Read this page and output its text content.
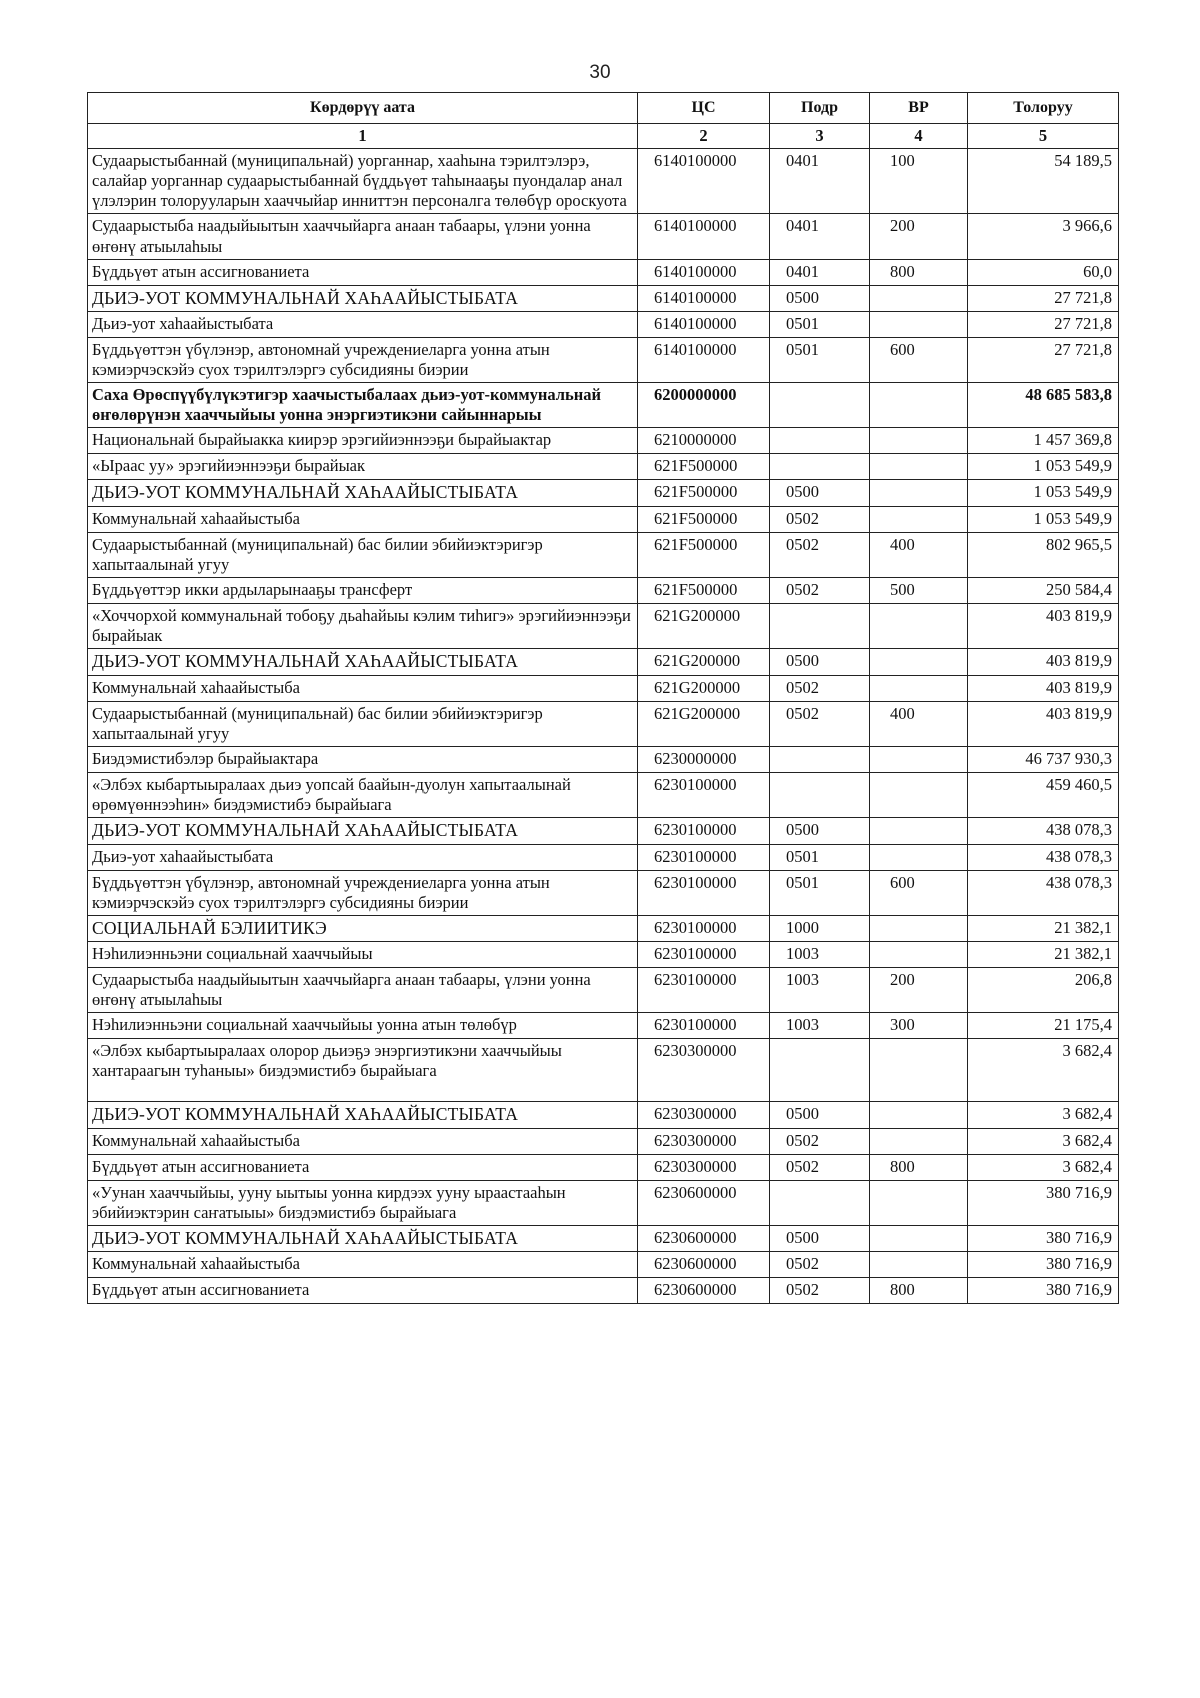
30
Көрдөрүү аата	ЦС	Подр	ВР	Толоруу
1	2	3	4	5
Судаарыстыбаннай (муниципальнай) уорганнар, хааһына тэрилтэлэрэ, салайар уорганнар судаарыстыбаннай бүддьүөт таһынааҕы пуондалар анал үлэлэрин толорууларын хааччыйар инниттэн персоналга төлөбүр ороскуота	6140100000	0401	100	54 189,5
Судаарыстыба наадыйыытын хааччыйарга анаан табаары, үлэни уонна өҥөнү атыылаһыы	6140100000	0401	200	3 966,6
Бүддьүөт атын ассигнованиета	6140100000	0401	800	60,0
ДЬИЭ-УОТ КОММУНАЛЬНАЙ ХАҺААЙЫСТЫБАТА	6140100000	0500		27 721,8
Дьиэ-уот хаһаайыстыбата	6140100000	0501		27 721,8
Бүддьүөттэн үбүлэнэр, автономнай учреждениеларга уонна атын кэмиэрчэскэйэ суох тэрилтэлэргэ субсидияны биэрии	6140100000	0501	600	27 721,8
Саха Өрөспүүбүлүкэтигэр хаачыстыбалаах дьиэ-уот-коммунальнай өҥөлөрүнэн хааччыйыы уонна энэргиэтикэни сайыннарыы	6200000000			48 685 583,8
Национальнай бырайыакка киирэр эрэгийиэннээҕи бырайыактар	6210000000			1 457 369,8
«Ыраас уу» эрэгийиэннээҕи бырайыак	621F500000			1 053 549,9
ДЬИЭ-УОТ КОММУНАЛЬНАЙ ХАҺААЙЫСТЫБАТА	621F500000	0500		1 053 549,9
Коммунальнай хаһаайыстыба	621F500000	0502		1 053 549,9
Судаарыстыбаннай (муниципальнай) бас билии эбийиэктэригэр хапытаалынай угуу	621F500000	0502	400	802 965,5
Бүддьүөттэр икки ардыларынааҕы трансферт	621F500000	0502	500	250 584,4
«Хоччорхой коммунальнай тобоҕу дьаһайыы кэлим тиһигэ» эрэгийиэннээҕи бырайыак	621G200000			403 819,9
ДЬИЭ-УОТ КОММУНАЛЬНАЙ ХАҺААЙЫСТЫБАТА	621G200000	0500		403 819,9
Коммунальнай хаһаайыстыба	621G200000	0502		403 819,9
Судаарыстыбаннай (муниципальнай) бас билии эбийиэктэригэр хапытаалынай угуу	621G200000	0502	400	403 819,9
Биэдэмистибэлэр бырайыактара	6230000000			46 737 930,3
«Элбэх кыбартыыралаах дьиэ уопсай баайын-дуолун хапытаалынай өрөмүөннээһин» биэдэмистибэ бырайыага	6230100000			459 460,5
ДЬИЭ-УОТ КОММУНАЛЬНАЙ ХАҺААЙЫСТЫБАТА	6230100000	0500		438 078,3
Дьиэ-уот хаһаайыстыбата	6230100000	0501		438 078,3
Бүддьүөттэн үбүлэнэр, автономнай учреждениеларга уонна атын кэмиэрчэскэйэ суох тэрилтэлэргэ субсидияны биэрии	6230100000	0501	600	438 078,3
СОЦИАЛЬНАЙ БЭЛИИТИКЭ	6230100000	1000		21 382,1
Нэһилиэнньэни социальнай хааччыйыы	6230100000	1003		21 382,1
Судаарыстыба наадыйыытын хааччыйарга анаан табаары, үлэни уонна өҥөнү атыылаһыы	6230100000	1003	200	206,8
Нэһилиэнньэни социальнай хааччыйыы уонна атын төлөбүр	6230100000	1003	300	21 175,4
«Элбэх кыбартыыралаах олорор дьиэҕэ энэргиэтикэни хааччыйыы хантараагын туһаныы» биэдэмистибэ бырайыага	6230300000			3 682,4
ДЬИЭ-УОТ КОММУНАЛЬНАЙ ХАҺААЙЫСТЫБАТА	6230300000	0500		3 682,4
Коммунальнай хаһаайыстыба	6230300000	0502		3 682,4
Бүддьүөт атын ассигнованиета	6230300000	0502	800	3 682,4
«Уунан хааччыйыы, ууну ыытыы уонна кирдээх ууну ыраастааһын эбийиэктэрин саҥатыыы» биэдэмистибэ бырайыага	6230600000			380 716,9
ДЬИЭ-УОТ КОММУНАЛЬНАЙ ХАҺААЙЫСТЫБАТА	6230600000	0500		380 716,9
Коммунальнай хаһаайыстыба	6230600000	0502		380 716,9
Бүддьүөт атын ассигнованиета	6230600000	0502	800	380 716,9
